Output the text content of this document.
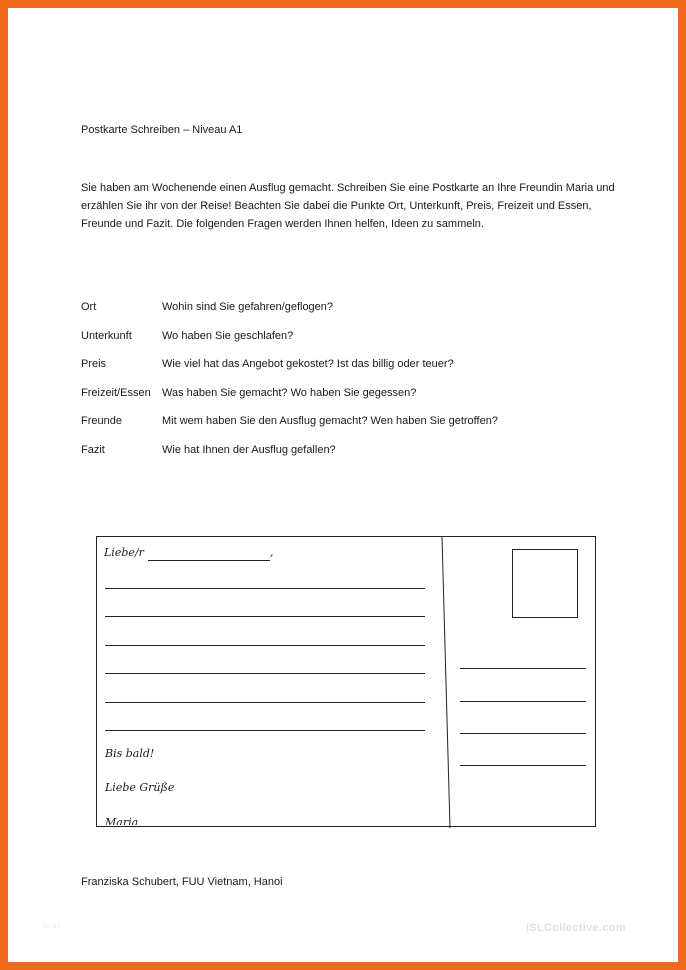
Postkarte Schreiben – Niveau A1
Sie haben am Wochenende einen Ausflug gemacht. Schreiben Sie eine Postkarte an Ihre Freundin Maria und erzählen Sie ihr von der Reise! Beachten Sie dabei die Punkte Ort, Unterkunft, Preis, Freizeit und Essen, Freunde und Fazit. Die folgenden Fragen werden Ihnen helfen, Ideen zu sammeln.
Ort	Wohin sind Sie gefahren/geflogen?
Unterkunft	Wo haben Sie geschlafen?
Preis	Wie viel hat das Angebot gekostet? Ist das billig oder teuer?
Freizeit/Essen Was haben Sie gemacht? Wo haben Sie gegessen?
Freunde	Mit wem haben Sie den Ausflug gemacht? Wen haben Sie getroffen?
Fazit	Wie hat Ihnen der Ausflug gefallen?
Liebe/r	,
Bis bald!
Liebe Grüße
Maria
Franziska Schubert, FUU Vietnam, Hanoi
ᴄᴄ ʙʏ	iSLCollective.com
